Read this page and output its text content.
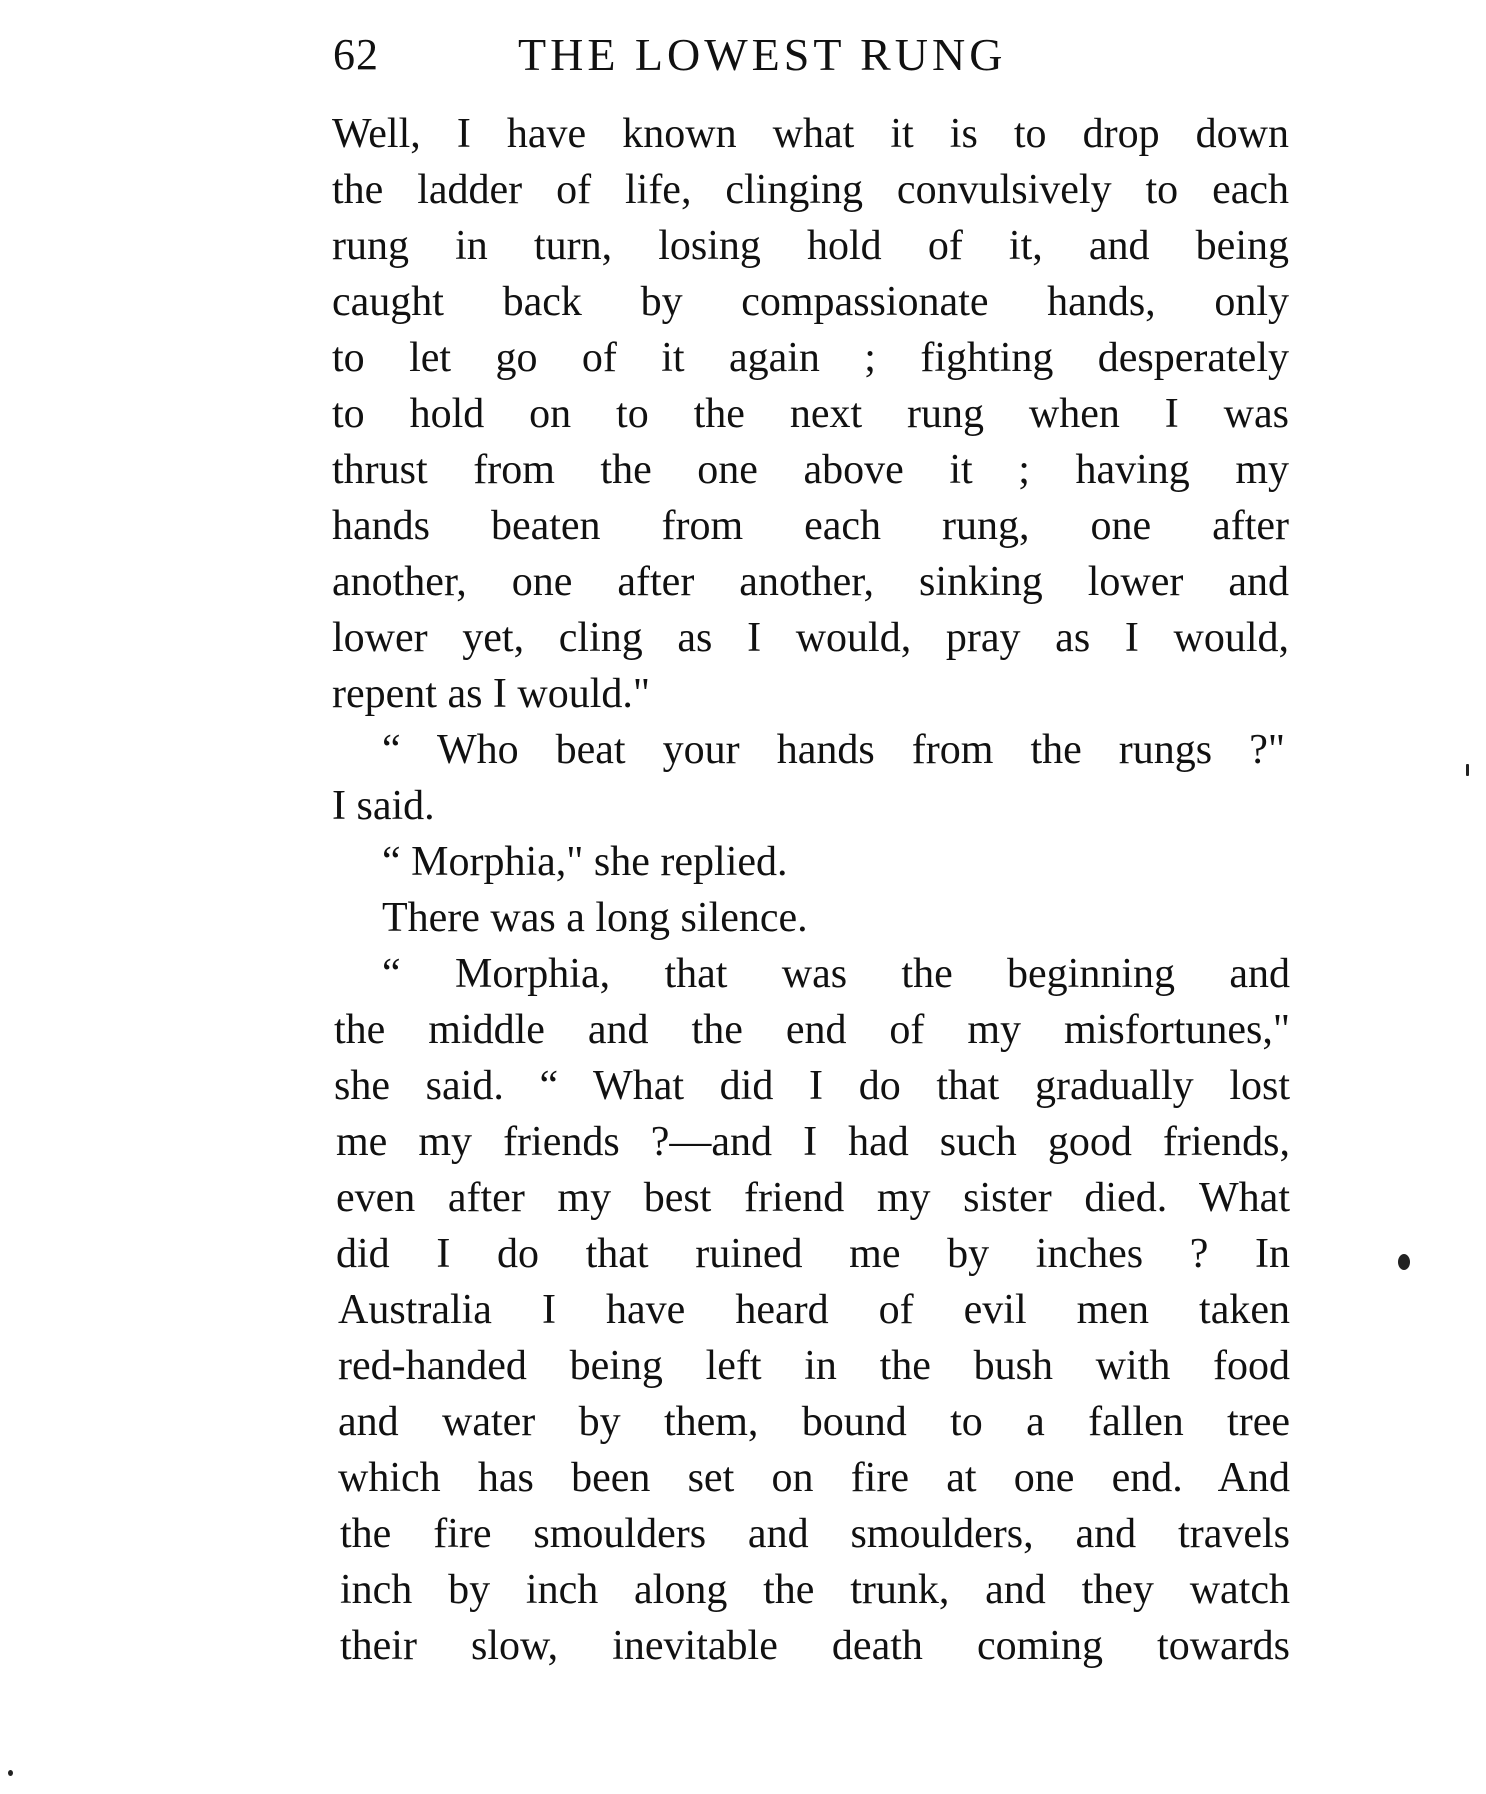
62	THE LOWEST RUNG
Well, I have known what it is to drop down
the ladder of life, clinging convulsively to each
rung in turn, losing hold of it, and being
caught back by compassionate hands, only
to let go of it again ; fighting desperately
to hold on to the next rung when I was
thrust from the one above it ; having my
hands beaten from each rung, one after
another, one after another, sinking lower and
lower yet, cling as I would, pray as I would,
repent as I would."
“ Who beat your hands from the rungs ?"
I said.
“ Morphia," she replied.
There was a long silence.
“ Morphia, that was the beginning and
the middle and the end of my misfortunes,"
she said. “ What did I do that gradually lost
me my friends ?—and I had such good friends,
even after my best friend my sister died. What
did I do that ruined me by inches ? In
Australia I have heard of evil men taken
red-handed being left in the bush with food
and water by them, bound to a fallen tree
which has been set on fire at one end. And
the fire smoulders and smoulders, and travels
inch by inch along the trunk, and they watch
their slow, inevitable death coming towards
